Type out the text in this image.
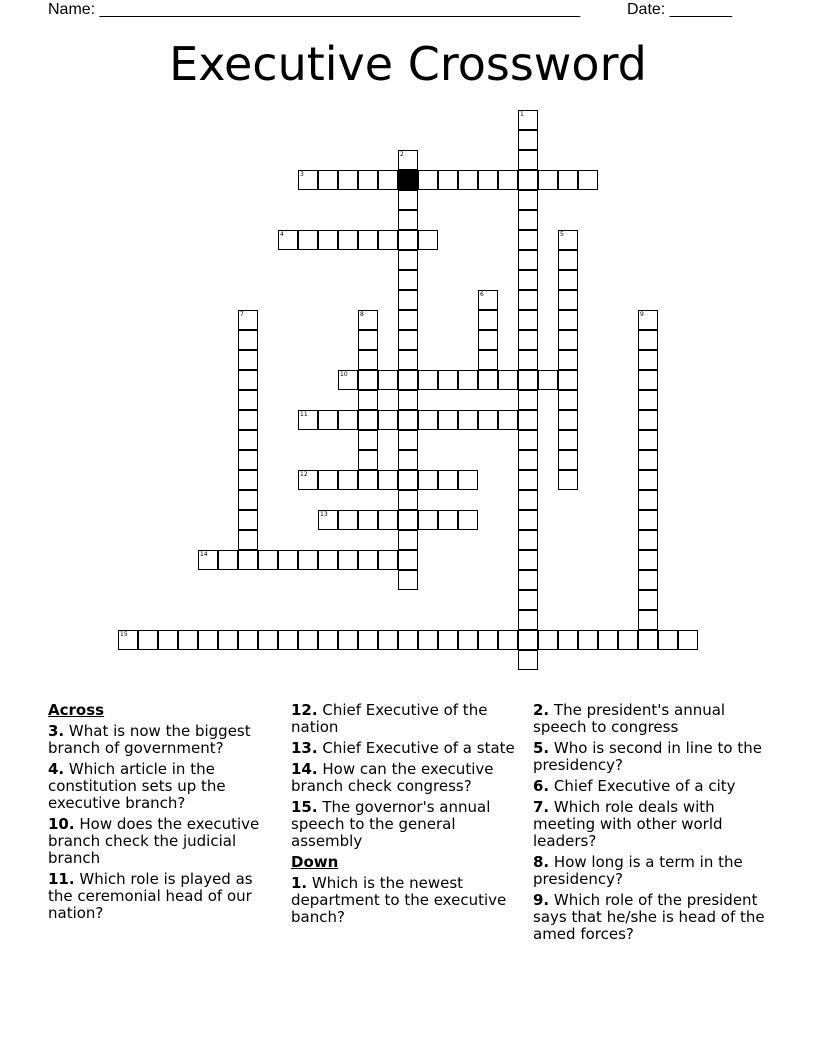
Name: ______________________________________________________	Date: _______
Executive Crossword
3
4
10
11
12
13
14
15
1
2
5
6
7	8	9
Across
3. What is now the biggest branch of government?
4. Which article in the constitution sets up the executive branch?
10. How does the executive branch check the judicial branch
11. Which role is played as the ceremonial head of our nation?
12. Chief Executive of the nation
13. Chief Executive of a state
14. How can the executive branch check congress?
15. The governor's annual speech to the general assembly
Down
1. Which is the newest department to the executive banch?
2. The president's annual speech to congress
5. Who is second in line to the presidency?
6. Chief Executive of a city
7. Which role deals with meeting with other world leaders?
8. How long is a term in the presidency?
9. Which role of the president says that he/she is head of the amed forces?
